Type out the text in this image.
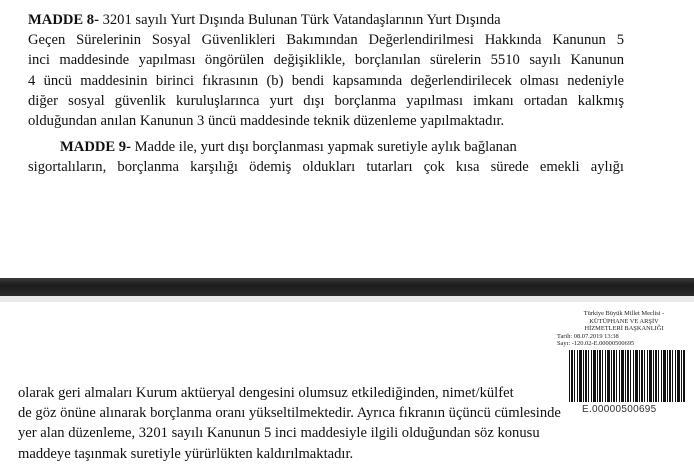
MADDE 8- 3201 sayılı Yurt Dışında Bulunan Türk Vatandaşlarının Yurt Dışında
Geçen Sürelerinin Sosyal Güvenlikleri Bakımından Değerlendirilmesi Hakkında Kanunun 5
inci maddesinde yapılması öngörülen değişiklikle, borçlanılan sürelerin 5510 sayılı Kanunun
4 üncü maddesinin birinci fıkrasının (b) bendi kapsamında değerlendirilecek olması nedeniyle
diğer sosyal güvenlik kuruluşlarınca yurt dışı borçlanma yapılması imkanı ortadan kalkmış
olduğundan anılan Kanunun 3 üncü maddesinde teknik düzenleme yapılmaktadır.
MADDE 9- Madde ile, yurt dışı borçlanması yapmak suretiyle aylık bağlanan
sigortalıların, borçlanma karşılığı ödemiş oldukları tutarları çok kısa sürede emekli aylığı
Türkiye Büyük Millet Meclisi -
KÜTÜPHANE VE ARŞİV
HİZMETLERİ BAŞKANLIĞI
Tarih: 08.07.2019 13:38
Sayı: -120.02-E.00000500695
E.00000500695
olarak geri almaları Kurum aktüeryal dengesini olumsuz etkilediğinden, nimet/külfet
de göz önüne alınarak borçlanma oranı yükseltilmektedir. Ayrıca fıkranın üçüncü cümlesinde
yer alan düzenleme, 3201 sayılı Kanunun 5 inci maddesiyle ilgili olduğundan söz konusu
maddeye taşınmak suretiyle yürürlükten kaldırılmaktadır.
